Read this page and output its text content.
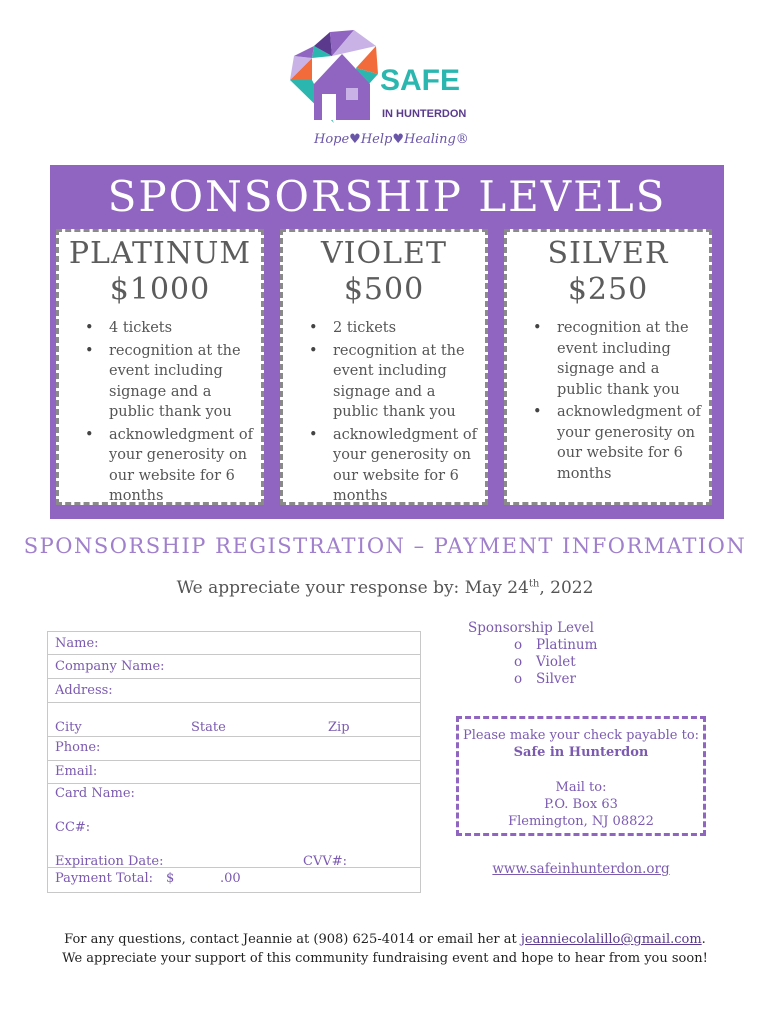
SAFE
IN HUNTERDON
Hope♥Help♥Healing®
SPONSORSHIP LEVELS
PLATINUM
$1000
• 4 tickets
• recognition at the event including signage and a public thank you
• acknowledgment of your generosity on our website for 6 months
VIOLET
$500
• 2 tickets
• recognition at the event including signage and a public thank you
• acknowledgment of your generosity on our website for 6 months
SILVER
$250
• recognition at the event including signage and a public thank you
• acknowledgment of your generosity on our website for 6 months
SPONSORSHIP REGISTRATION – PAYMENT INFORMATION
We appreciate your response by: May 24th, 2022
Name:
Company Name:
Address:
City	State	Zip
Phone:
Email:
Card Name:
CC#:
Expiration Date:	CVV#:
Payment Total: $	.00
Sponsorship Level
o Platinum
o Violet
o Silver
Please make your check payable to:
Safe in Hunterdon
Mail to:
P.O. Box 63
Flemington, NJ 08822
www.safeinhunterdon.org
For any questions, contact Jeannie at (908) 625-4014 or email her at jeanniecolalillo@gmail.com.
We appreciate your support of this community fundraising event and hope to hear from you soon!
